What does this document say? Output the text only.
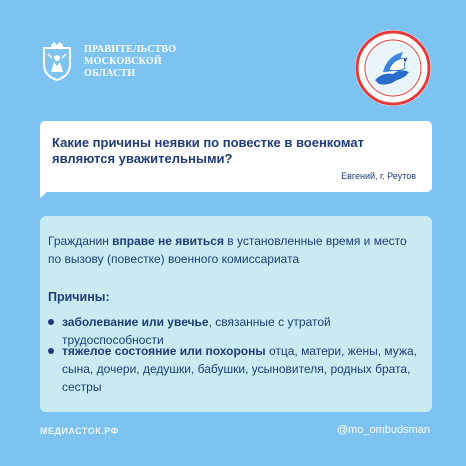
ПРАВИТЕЛЬСТВО
МОСКОВСКОЙ
ОБЛАСТИ
Какие причины неявки по повестке в военкомат являются уважительными?
Евгений, г. Реутов
Гражданин вправе не явиться в установленные время и место по вызову (повестке) военного комиссариата
Причины:
заболевание или увечье, связанные с утратой трудоспособности
тяжелое состояние или похороны отца, матери, жены, мужа, сына, дочери, дедушки, бабушки, усыновителя, родных брата, сестры
МЕДИАСТОК.РФ	@mo_ombudsman
